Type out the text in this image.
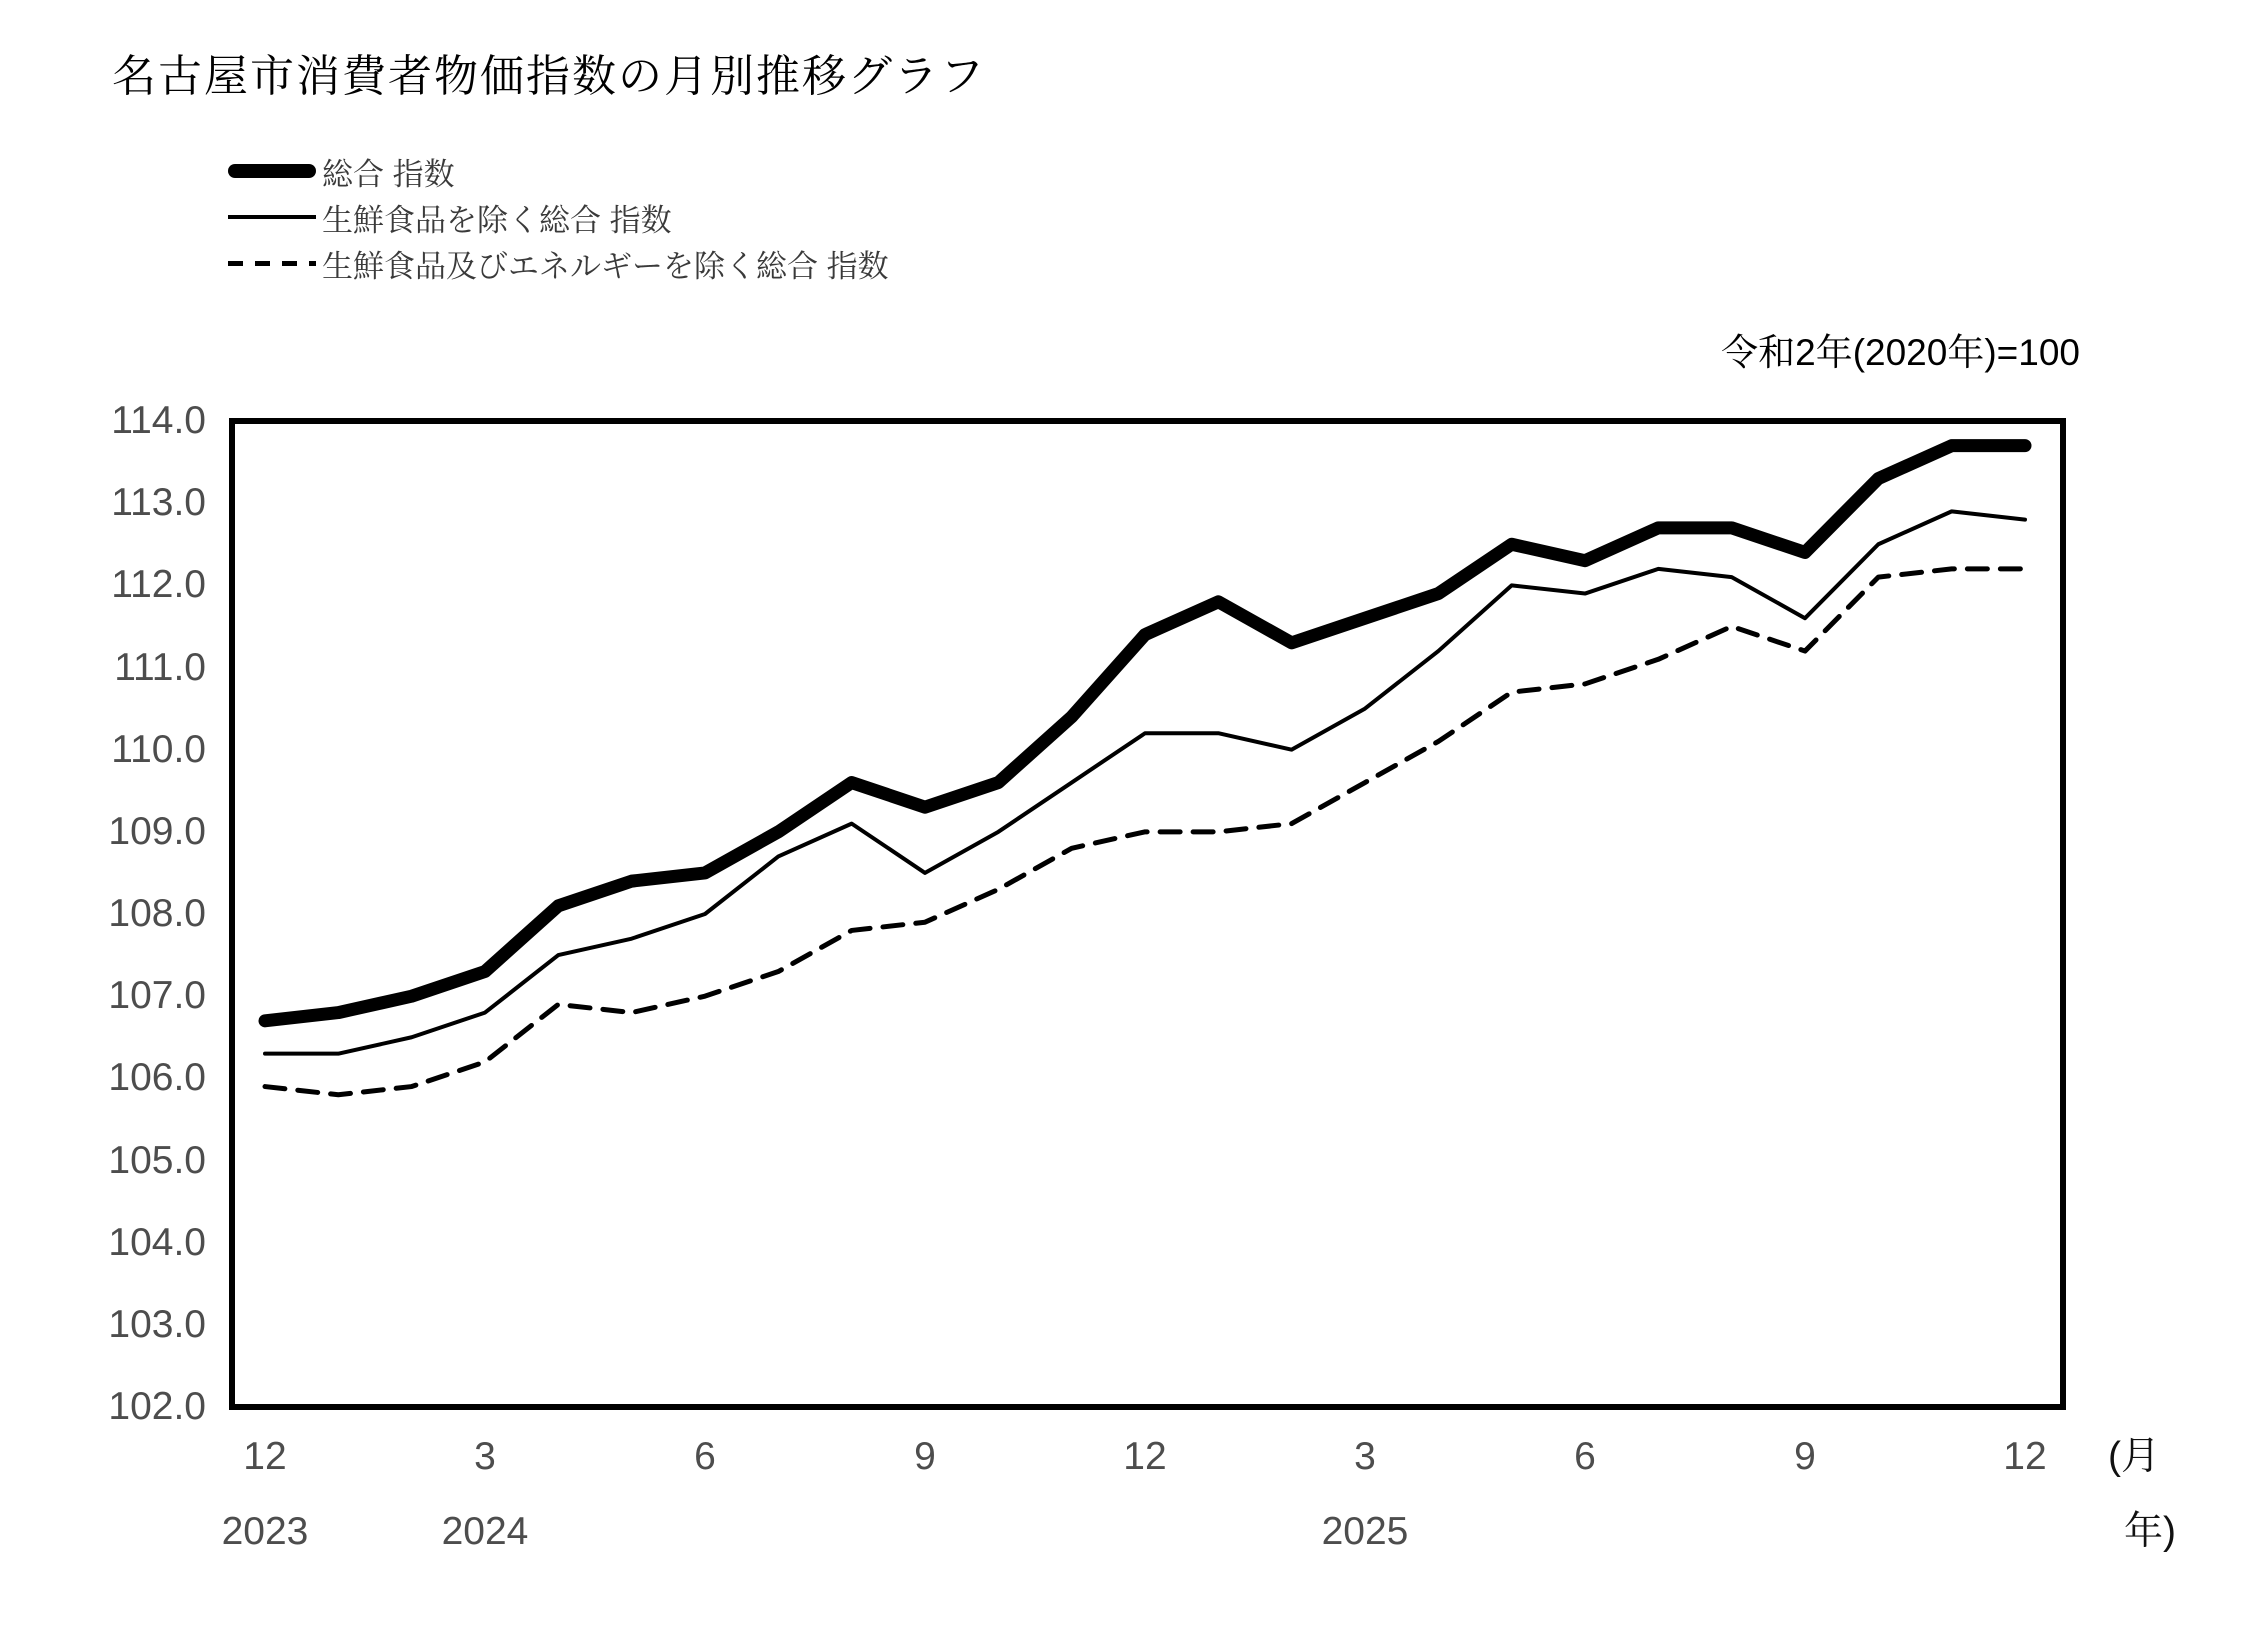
名古屋市消費者物価指数の月別推移グラフ
総合 指数
生鮮食品を除く総合 指数
生鮮食品及びエネルギーを除く総合 指数
令和2年(2020年)=100
114.0
113.0
112.0
111.0
110.0
109.0
108.0
107.0
106.0
105.0
104.0
103.0
102.0
12
2023
3
2024
6	9	12	3
2025
6	9	12	(月
年)
